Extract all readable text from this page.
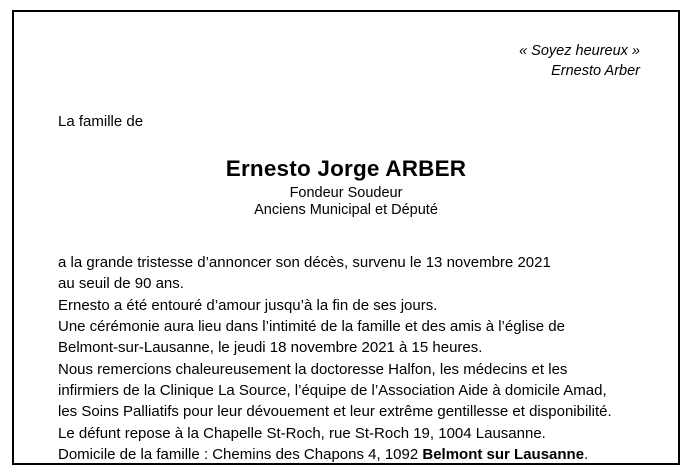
« Soyez heureux »
Ernesto Arber
La famille de
Ernesto Jorge ARBER
Fondeur Soudeur
Anciens Municipal et Député

a la grande tristesse d’annoncer son décès, survenu le 13 novembre 2021

au seuil de 90 ans.

Ernesto a été entouré d’amour jusqu’à la fin de ses jours.

Une cérémonie aura lieu dans l’intimité de la famille et des amis à l’église de

Belmont-sur-Lausanne, le jeudi 18 novembre 2021 à 15 heures.

Nous remercions chaleureusement la doctoresse Halfon, les médecins et les

infirmiers de la Clinique La Source, l’équipe de l’Association Aide à domicile Amad,

les Soins Palliatifs pour leur dévouement et leur extrême gentillesse et disponibilité.

Le défunt repose à la Chapelle St-Roch, rue St-Roch 19, 1004 Lausanne.

Domicile de la famille : Chemins des Chapons 4, 1092 Belmont sur Lausanne.
